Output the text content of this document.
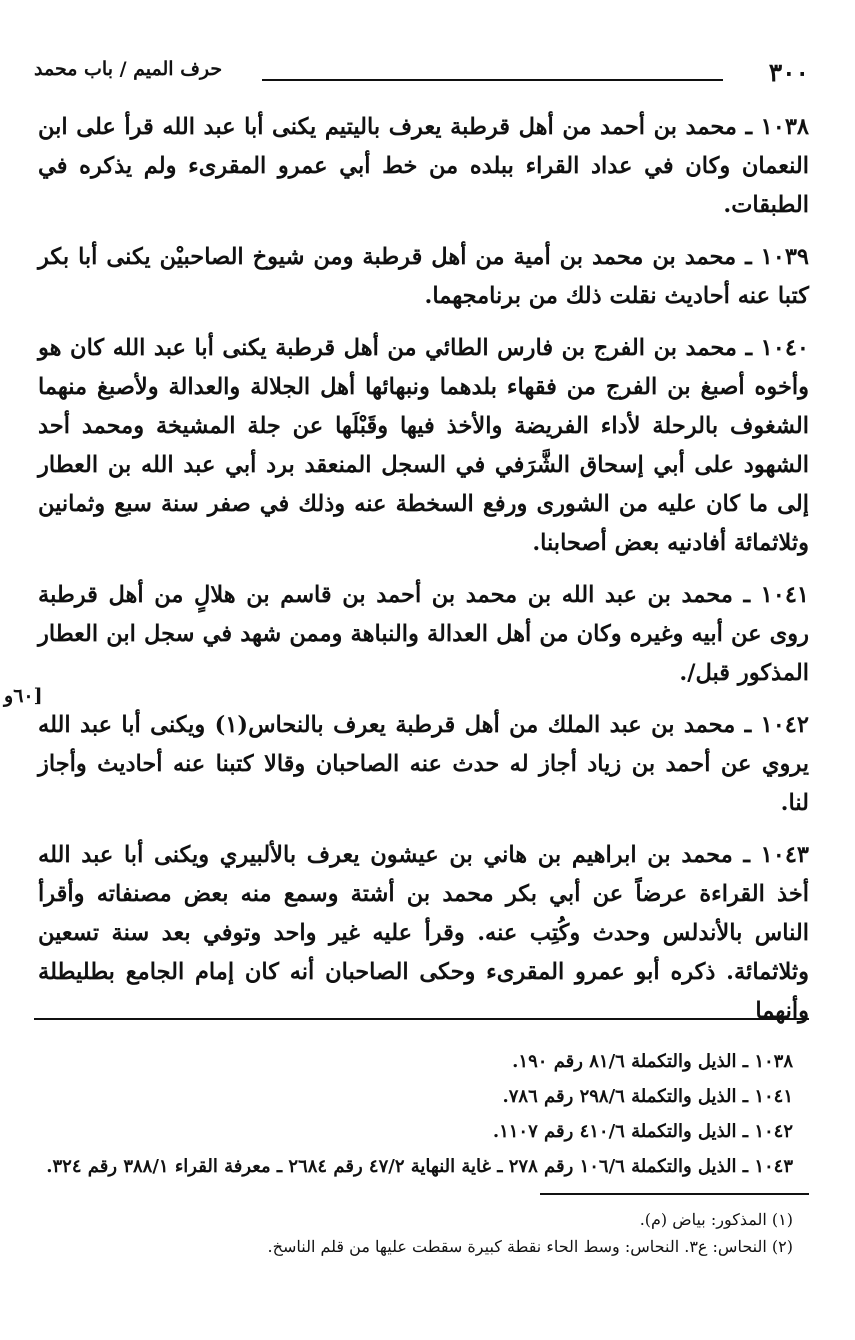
٣٠٠
حرف الميم / باب محمد
[٦٠و

١٠٣٨ ـ محمد بن أحمد من أهل قرطبة يعرف باليتيم يكنى أبا عبد الله قرأ على ابن النعمان وكان في عداد القراء ببلده من خط أبي عمرو المقرىء ولم يذكره في الطبقات.

١٠٣٩ ـ محمد بن محمد بن أمية من أهل قرطبة ومن شيوخ الصاحبيْن يكنى أبا بكر كتبا عنه أحاديث نقلت ذلك من برنامجهما.

١٠٤٠ ـ محمد بن الفرج بن فارس الطائي من أهل قرطبة يكنى أبا عبد الله كان هو وأخوه أصبغ بن الفرج من فقهاء بلدهما ونبهائها أهل الجلالة والعدالة ولأصبغ منهما الشغوف بالرحلة لأداء الفريضة والأخذ فيها وقَبْلَها عن جلة المشيخة ومحمد أحد الشهود على أبي إسحاق الشَّرَفي في السجل المنعقد برد أبي عبد الله بن العطار إلى ما كان عليه من الشورى ورفع السخطة عنه وذلك في صفر سنة سبع وثمانين وثلاثمائة أفادنيه بعض أصحابنا.

١٠٤١ ـ محمد بن عبد الله بن محمد بن أحمد بن قاسم بن هلالٍ من أهل قرطبة روى عن أبيه وغيره وكان من أهل العدالة والنباهة وممن شهد في سجل ابن العطار المذكور قبل/.

١٠٤٢ ـ محمد بن عبد الملك من أهل قرطبة يعرف بالنحاس(١) ويكنى أبا عبد الله يروي عن أحمد بن زياد أجاز له حدث عنه الصاحبان وقالا كتبنا عنه أحاديث وأجاز لنا.

١٠٤٣ ـ محمد بن ابراهيم بن هاني بن عيشون يعرف بالألبيري ويكنى أبا عبد الله أخذ القراءة عرضاً عن أبي بكر محمد بن أشتة وسمع منه بعض مصنفاته وأقرأ الناس بالأندلس وحدث وكُتِب عنه. وقرأ عليه غير واحد وتوفي بعد سنة تسعين وثلاثمائة. ذكره أبو عمرو المقرىء وحكى الصاحبان أنه كان إمام الجامع بطليطلة وأنهما

١٠٣٨ ـ الذيل والتكملة ٨١/٦ رقم ١٩٠.
١٠٤١ ـ الذيل والتكملة ٢٩٨/٦ رقم ٧٨٦.
١٠٤٢ ـ الذيل والتكملة ٤١٠/٦ رقم ١١٠٧.
١٠٤٣ ـ الذيل والتكملة ١٠٦/٦ رقم ٢٧٨ ـ غاية النهاية ٤٧/٢ رقم ٢٦٨٤ ـ معرفة القراء ٣٨٨/١ رقم ٣٢٤.
(١) المذكور: بياض (م).
(٢) النحاس: ع٣. النحاس: وسط الحاء نقطة كبيرة سقطت عليها من قلم الناسخ.
